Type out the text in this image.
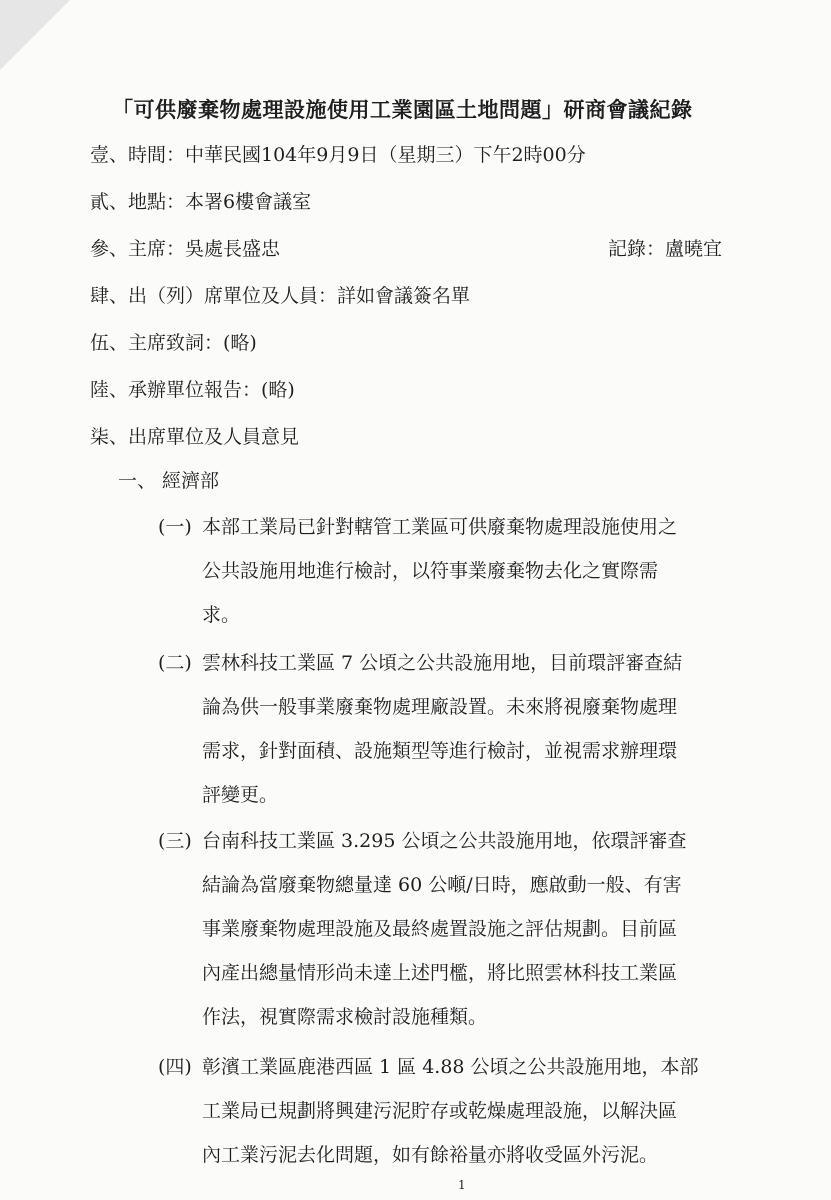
「可供廢棄物處理設施使用工業園區土地問題」研商會議紀錄
壹、時間：中華民國104年9月9日（星期三）下午2時00分
貳、地點：本署6樓會議室
參、主席：吳處長盛忠	記錄：盧曉宜
肆、出（列）席單位及人員：詳如會議簽名單
伍、主席致詞：(略)
陸、承辦單位報告：(略)
柒、出席單位及人員意見
一、 經濟部
(一) 本部工業局已針對轄管工業區可供廢棄物處理設施使用之
公共設施用地進行檢討，以符事業廢棄物去化之實際需
求。
(二) 雲林科技工業區 7 公頃之公共設施用地，目前環評審查結
論為供一般事業廢棄物處理廠設置。未來將視廢棄物處理
需求，針對面積、設施類型等進行檢討，並視需求辦理環
評變更。
(三) 台南科技工業區 3.295 公頃之公共設施用地，依環評審查
結論為當廢棄物總量達 60 公噸/日時，應啟動一般、有害
事業廢棄物處理設施及最終處置設施之評估規劃。目前區
內產出總量情形尚未達上述門檻，將比照雲林科技工業區
作法，視實際需求檢討設施種類。
(四) 彰濱工業區鹿港西區 1 區 4.88 公頃之公共設施用地，本部
工業局已規劃將興建污泥貯存或乾燥處理設施，以解決區
內工業污泥去化問題，如有餘裕量亦將收受區外污泥。
1
